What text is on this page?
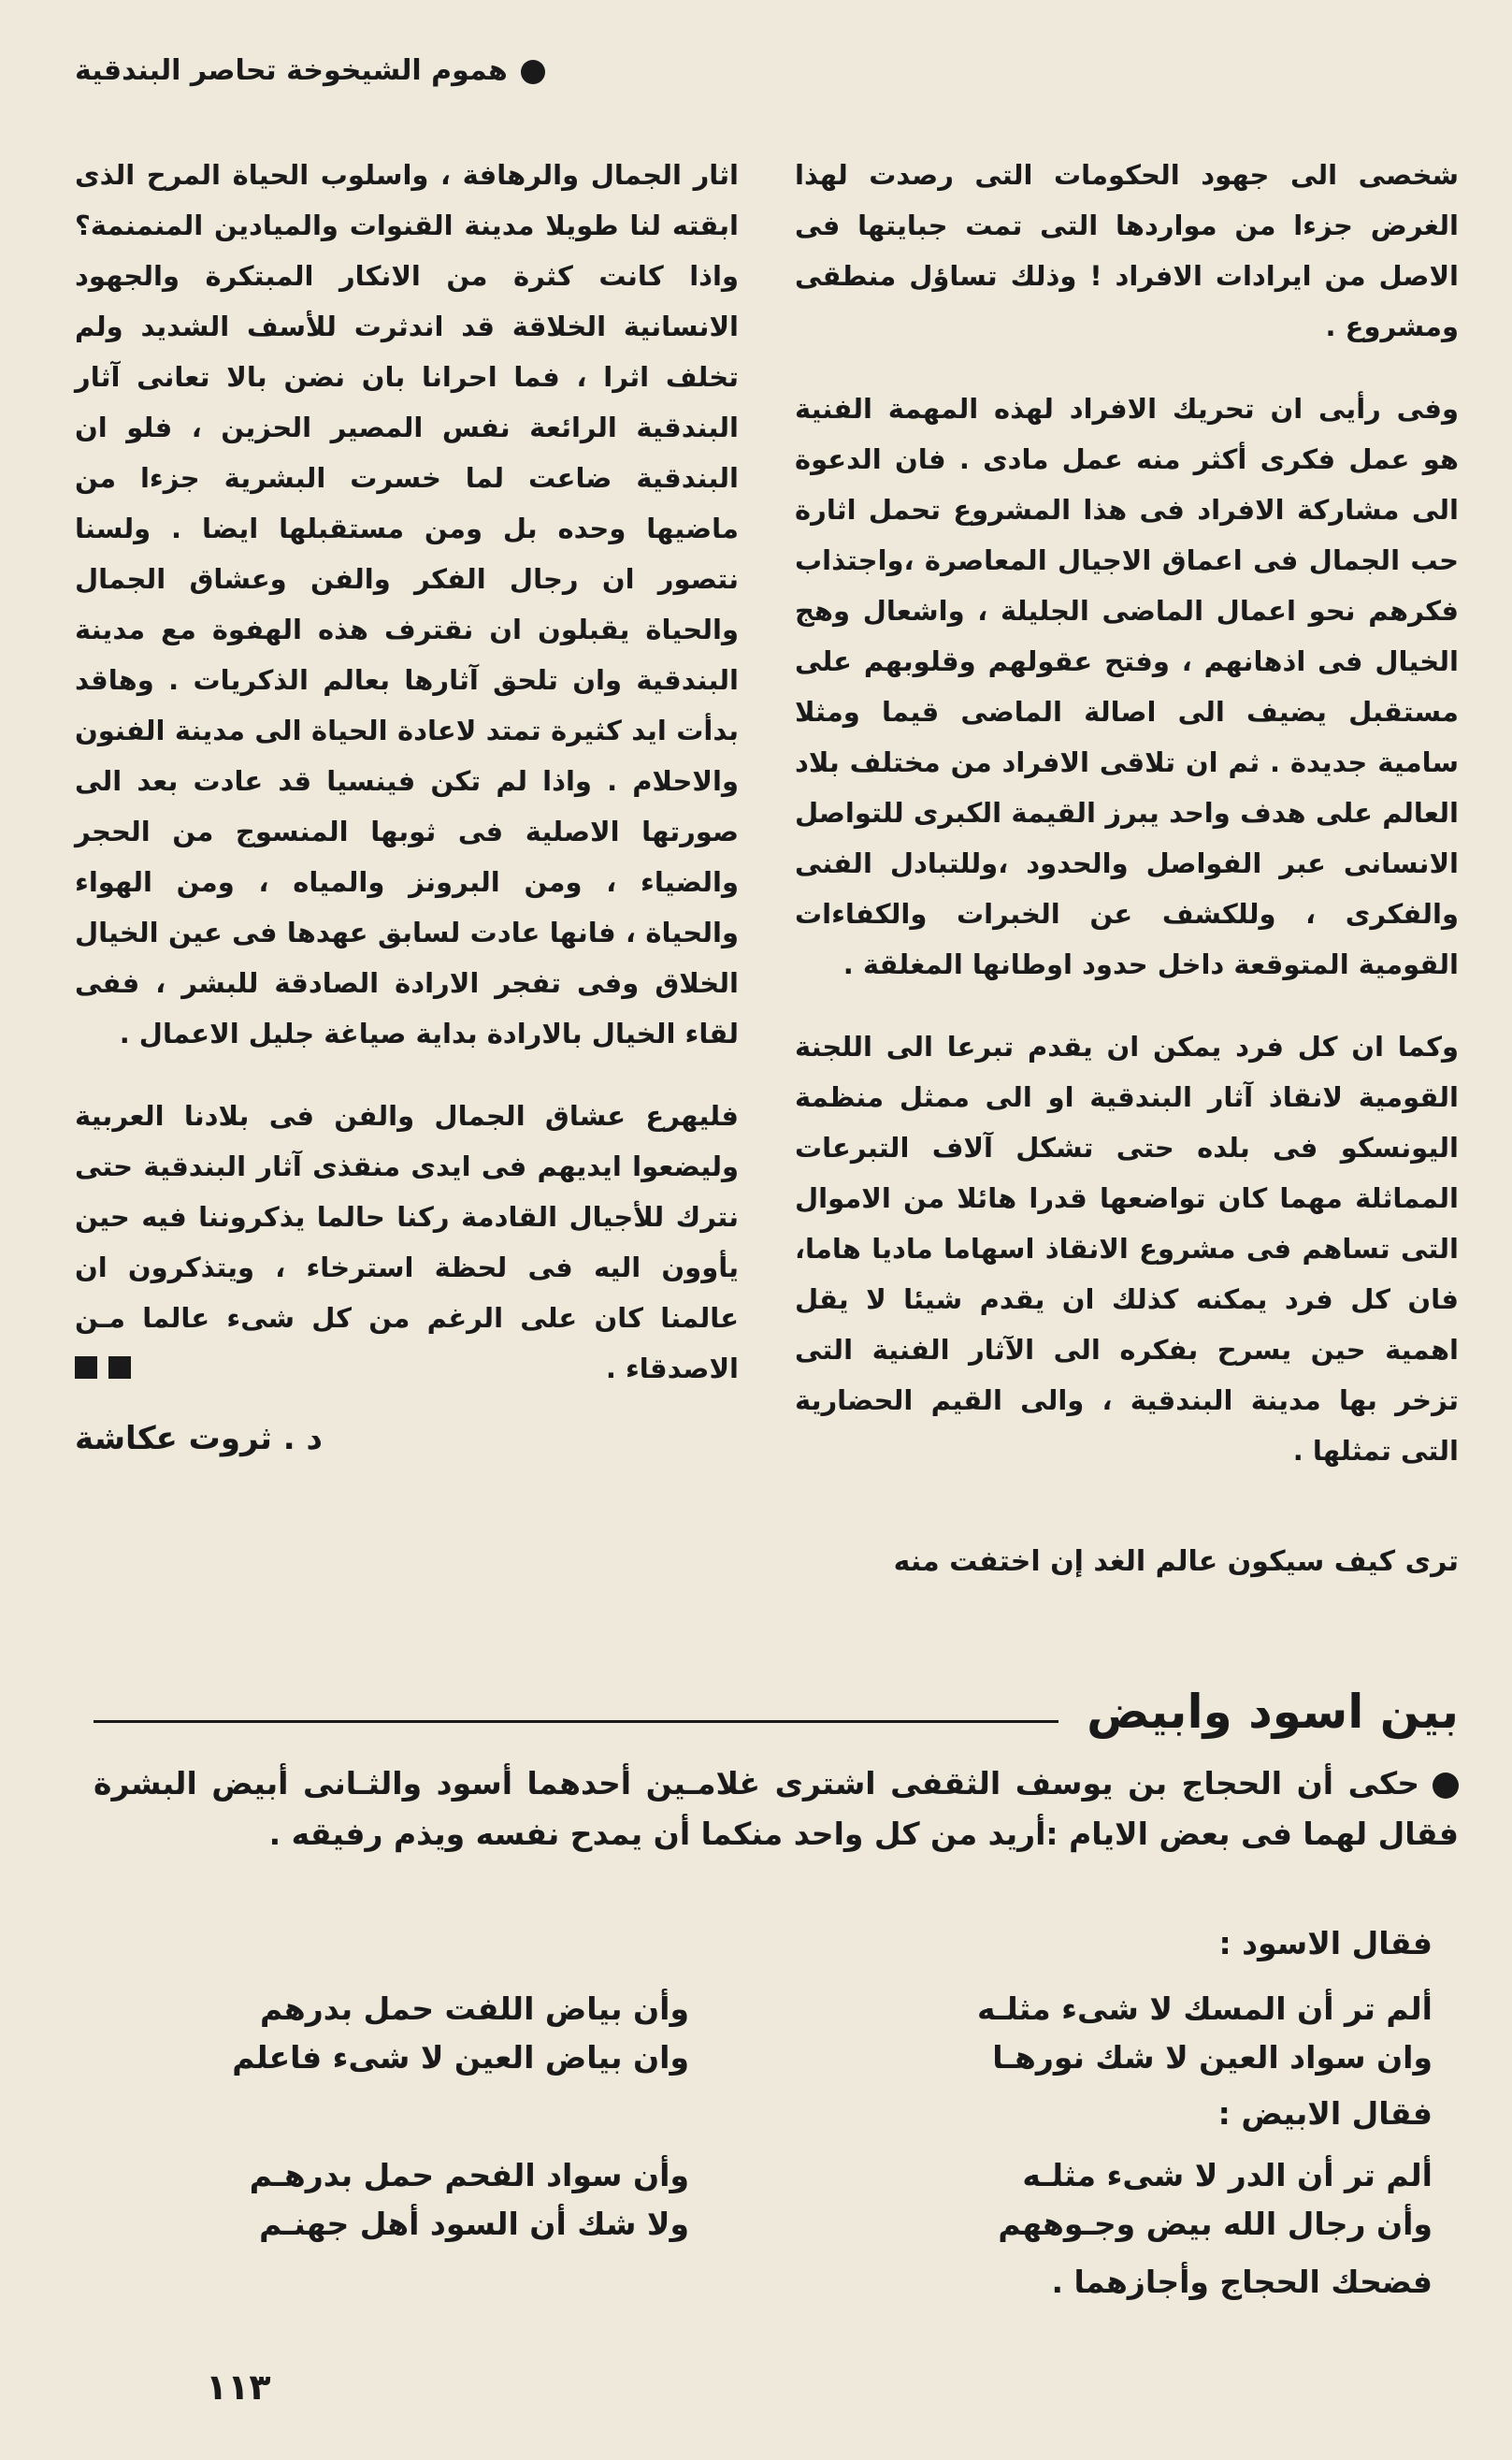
هموم الشيخوخة تحاصر البندقية

شخصى الى جهود الحكومات التى رصدت لهذا الغرض جزءا من مواردها التى تمت جبايتها فى الاصل من ايرادات الافراد ! وذلك تساؤل منطقى ومشروع .

وفى رأيى ان تحريك الافراد لهذه المهمة الفنية هو عمل فكرى أكثر منه عمل مادى . فان الدعوة الى مشاركة الافراد فى هذا المشروع تحمل اثارة حب الجمال فى اعماق الاجيال المعاصرة ،واجتذاب فكرهم نحو اعمال الماضى الجليلة ، واشعال وهج الخيال فى اذهانهم ، وفتح عقولهم وقلوبهم على مستقبل يضيف الى اصالة الماضى قيما ومثلا سامية جديدة . ثم ان تلاقى الافراد من مختلف بلاد العالم على هدف واحد يبرز القيمة الكبرى للتواصل الانسانى عبر الفواصل والحدود ،وللتبادل الفنى والفكرى ، وللكشف عن الخبرات والكفاءات القومية المتوقعة داخل حدود اوطانها المغلقة .

وكما ان كل فرد يمكن ان يقدم تبرعا الى اللجنة القومية لانقاذ آثار البندقية او الى ممثل منظمة اليونسكو فى بلده حتى تشكل آلاف التبرعات المماثلة مهما كان تواضعها قدرا هائلا من الاموال التى تساهم فى مشروع الانقاذ اسهاما ماديا هاما، فان كل فرد يمكنه كذلك ان يقدم شيئا لا يقل اهمية حين يسرح بفكره الى الآثار الفنية التى تزخر بها مدينة البندقية ، والى القيم الحضارية التى تمثلها .

ترى كيف سيكون عالم الغد إن اختفت منه

اثار الجمال والرهافة ، واسلوب الحياة المرح الذى ابقته لنا طويلا مدينة القنوات والميادين المنمنمة؟ واذا كانت كثرة من الانكار المبتكرة والجهود الانسانية الخلاقة قد اندثرت للأسف الشديد ولم تخلف اثرا ، فما احرانا بان نضن بالا تعانى آثار البندقية الرائعة نفس المصير الحزين ، فلو ان البندقية ضاعت لما خسرت البشرية جزءا من ماضيها وحده بل ومن مستقبلها ايضا . ولسنا نتصور ان رجال الفكر والفن وعشاق الجمال والحياة يقبلون ان نقترف هذه الهفوة مع مدينة البندقية وان تلحق آثارها بعالم الذكريات . وهاقد بدأت ايد كثيرة تمتد لاعادة الحياة الى مدينة الفنون والاحلام . واذا لم تكن فينسيا قد عادت بعد الى صورتها الاصلية فى ثوبها المنسوج من الحجر والضياء ، ومن البرونز والمياه ، ومن الهواء والحياة ، فانها عادت لسابق عهدها فى عين الخيال الخلاق وفى تفجر الارادة الصادقة للبشر ، ففى لقاء الخيال بالارادة بداية صياغة جليل الاعمال .

فليهرع عشاق الجمال والفن فى بلادنا العربية وليضعوا ايديهم فى ايدى منقذى آثار البندقية حتى نترك للأجيال القادمة ركنا حالما يذكروننا فيه حين يأوون اليه فى لحظة استرخاء ، ويتذكرون ان عالمنا كان على الرغم من كل شىء عالما مـن الاصدقاء .

د . ثروت عكاشة
بين اسود وابيض
حكى أن الحجاج بن يوسف الثقفى اشترى غلامـين أحدهما أسود والثـانى أبيض البشرة فقال لهما فى بعض الايام :أريد من كل واحد منكما أن يمدح نفسه ويذم رفيقه .
فقال الاسود :
ألم تر أن المسك لا شىء مثلـه
وأن بياض اللفت حمل بدرهم
وان سواد العين لا شك نورهـا
وان بياض العين لا شىء فاعلم
فقال الابيض :
ألم تر أن الدر لا شىء مثلـه
وأن سواد الفحم حمل بدرهـم
وأن رجال الله بيض وجـوههم
ولا شك أن السود أهل جهنـم
فضحك الحجاج وأجازهما .
١١٣
